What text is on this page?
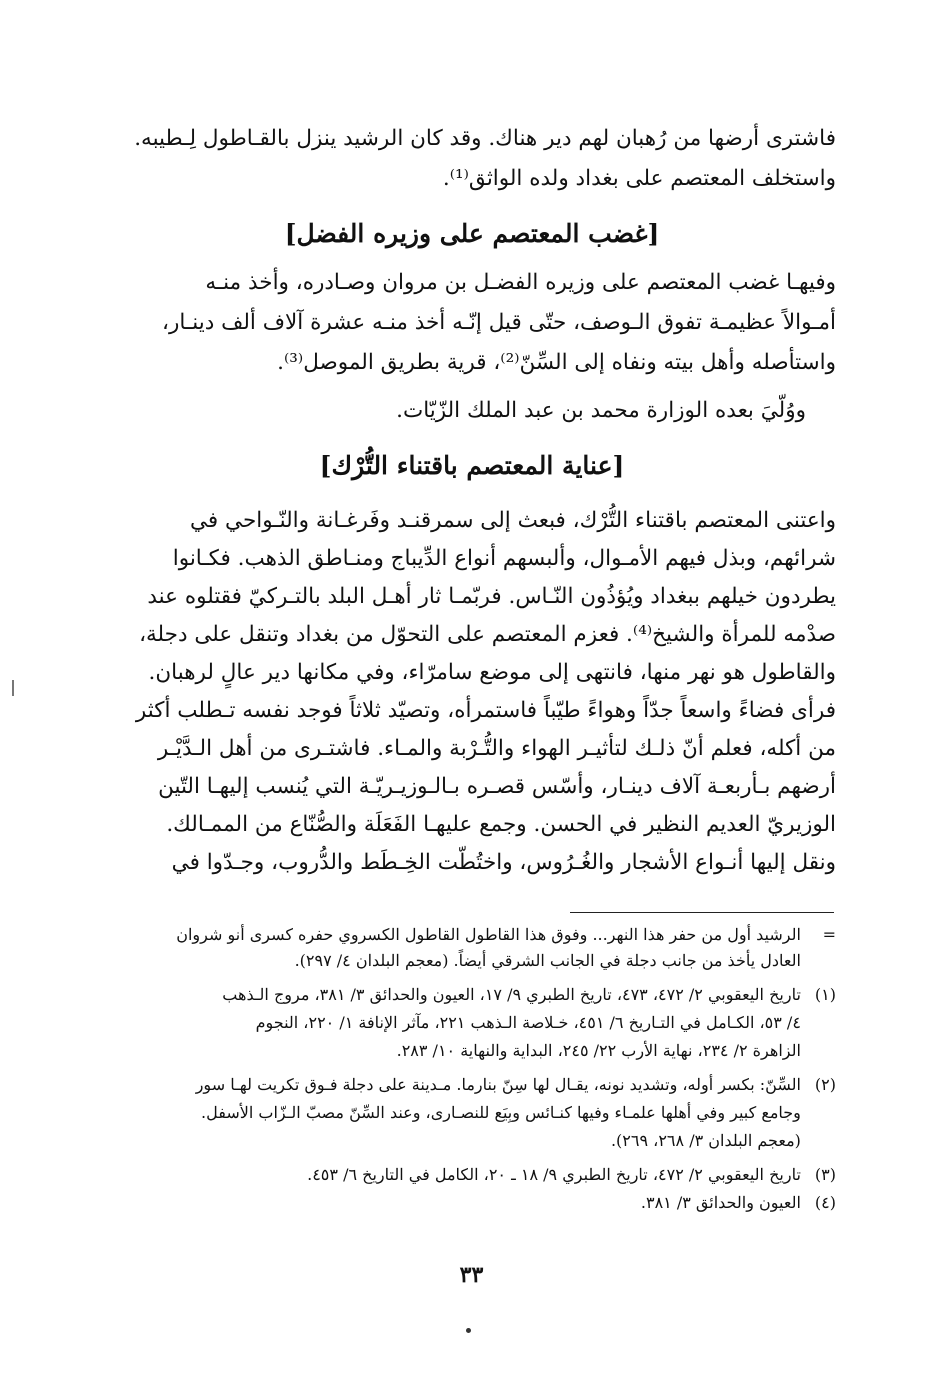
فاشترى أرضها من رُهبان لهم دير هناك. وقد كان الرشيد ينزل بالقـاطول لِـطيبه.
واستخلف المعتصم على بغداد ولده الواثق⁽¹⁾.
[غضب المعتصم على وزيره الفضل]
وفيهـا غضب المعتصم على وزيره الفضـل بن مروان وصـادره، وأخذ منـه
أمـوالاً عظيمـة تفوق الـوصف، حتّى قيل إنّـه أخذ منـه عشرة آلاف ألف دينـار،
واستأصله وأهل بيته ونفاه إلى السِّنّ⁽²⁾، قرية بطريق الموصل⁽³⁾.
ووُلّيَ بعده الوزارة محمد بن عبد الملك الزّيّات.
[عناية المعتصم باقتناء التُّرْك]
واعتنى المعتصم باقتناء التُّرْك، فبعث إلى سمرقنـد وفَرغـانة والنّـواحي في
شرائهم، وبذل فيهم الأمـوال، وألبسهم أنواع الدِّيباج ومنـاطق الذهب. فكـانوا
يطردون خيلهم ببغداد ويُؤذُون النّـاس. فربّمـا ثار أهـل البلد بالتـركيّ فقتلوه عند
صدْمه للمرأة والشيخ⁽⁴⁾. فعزم المعتصم على التحوّل من بغداد وتنقل على دجلة،
والقاطول هو نهر منها، فانتهى إلى موضع سامرّاء، وفي مكانها دير عالٍ لرهبان.
فرأى فضاءً واسعاً جدّاً وهواءً طيّباً فاستمرأه، وتصيّد ثلاثاً فوجد نفسه تـطلب أكثر
من أكله، فعلم أنّ ذلـك لتأثيـر الهواء والتُّـرْبة والمـاء. فاشتـرى من أهل الـدَّيْـر
أرضهم بـأربعـة آلاف دينـار، وأسّس قصـره بـالـوزيـريّـة التي يُنسب إليهـا التّين
الوزيريّ العديم النظير في الحسن. وجمع عليهـا الفَعَلَة والصُّنّاع من الممـالك.
ونقل إليها أنـواع الأشجار والغُـرُوس، واختُطّت الخِـطَط والدُّروب، وجـدّوا في
= الرشيد أول من حفر هذا النهر... وفوق هذا القاطول القاطول الكسروي حفره كسرى أنو شروان
العادل يأخذ من جانب دجلة في الجانب الشرقي أيضاً. (معجم البلدان ٤/ ٢٩٧).
(١) تاريخ اليعقوبي ٢/ ٤٧٢، ٤٧٣، تاريخ الطبري ٩/ ١٧، العيون والحدائق ٣/ ٣٨١، مروج الـذهب
٤/ ٥٣، الكـامل في التـاريخ ٦/ ٤٥١، خـلاصة الـذهب ٢٢١، مآثر الإنافة ١/ ٢٢٠، النجوم
الزاهرة ٢/ ٢٣٤، نهاية الأرب ٢٢/ ٢٤٥، البداية والنهاية ١٠/ ٢٨٣.
(٢) السِّنّ: بكسر أوله، وتشديد نونه، يقـال لها سِنّ بنارما. مـدينة على دجلة فـوق تكريت لهـا سور
وجامع كبير وفي أهلها علمـاء وفيها كنـائس وبِيَع للنصـارى، وعند السِّنّ مصبّ الـزّاب الأسفل.
(معجم البلدان ٣/ ٢٦٨، ٢٦٩).
(٣) تاريخ اليعقوبي ٢/ ٤٧٢، تاريخ الطبري ٩/ ١٨ ـ ٢٠، الكامل في التاريخ ٦/ ٤٥٣.
(٤) العيون والحدائق ٣/ ٣٨١.
٣٣
